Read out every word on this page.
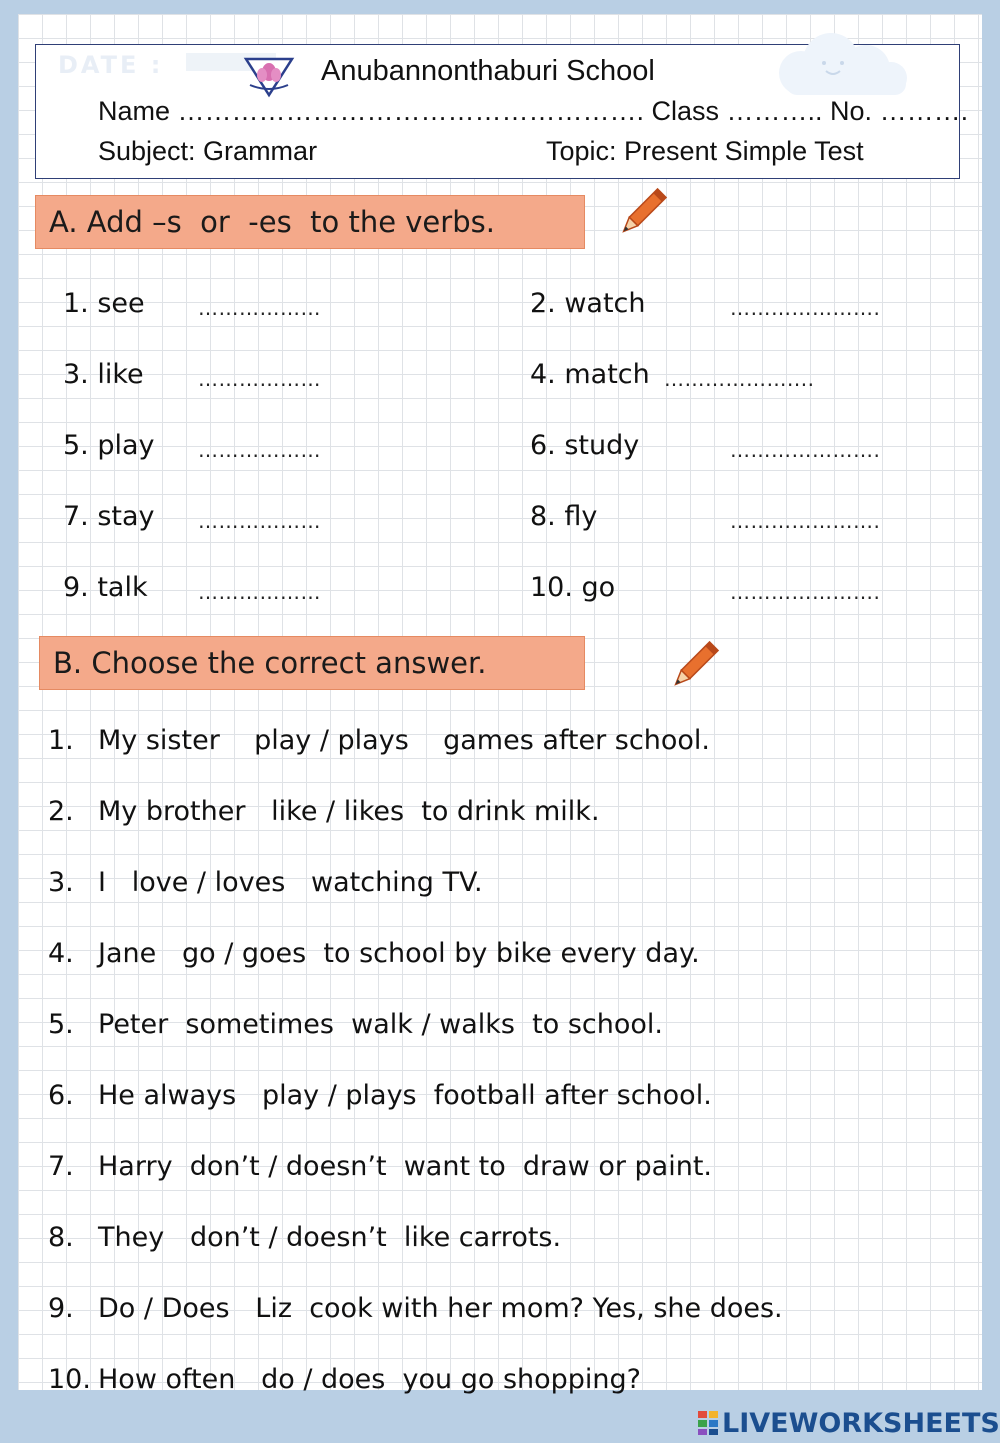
DATE :	Anubannonthaburi School
Name ……………………………………………. Class ……….. No. ……….
Subject: Grammar	Topic: Present Simple Test
A. Add –s  or  -es  to the verbs.
1. see	………………	2. watch	………………….
3. like	………………	4. match ………………....
5. play ………………	6. study	………………….
7. stay ………………	8. fly	………………….
9. talk	………………	10. go	………………….
B. Choose the correct answer.
1. My sister    play / plays    games after school.
2. My brother   like / likes  to drink milk.
3. I   love / loves   watching TV.
4. Jane   go / goes  to school by bike every day.
5. Peter  sometimes  walk / walks  to school.
6. He always   play / plays  football after school.
7. Harry  don’t / doesn’t  want to  draw or paint.
8. They   don’t / doesn’t  like carrots.
9. Do / Does   Liz  cook with her mom? Yes, she does.
10. How often   do / does  you go shopping?
LIVEWORKSHEETS
